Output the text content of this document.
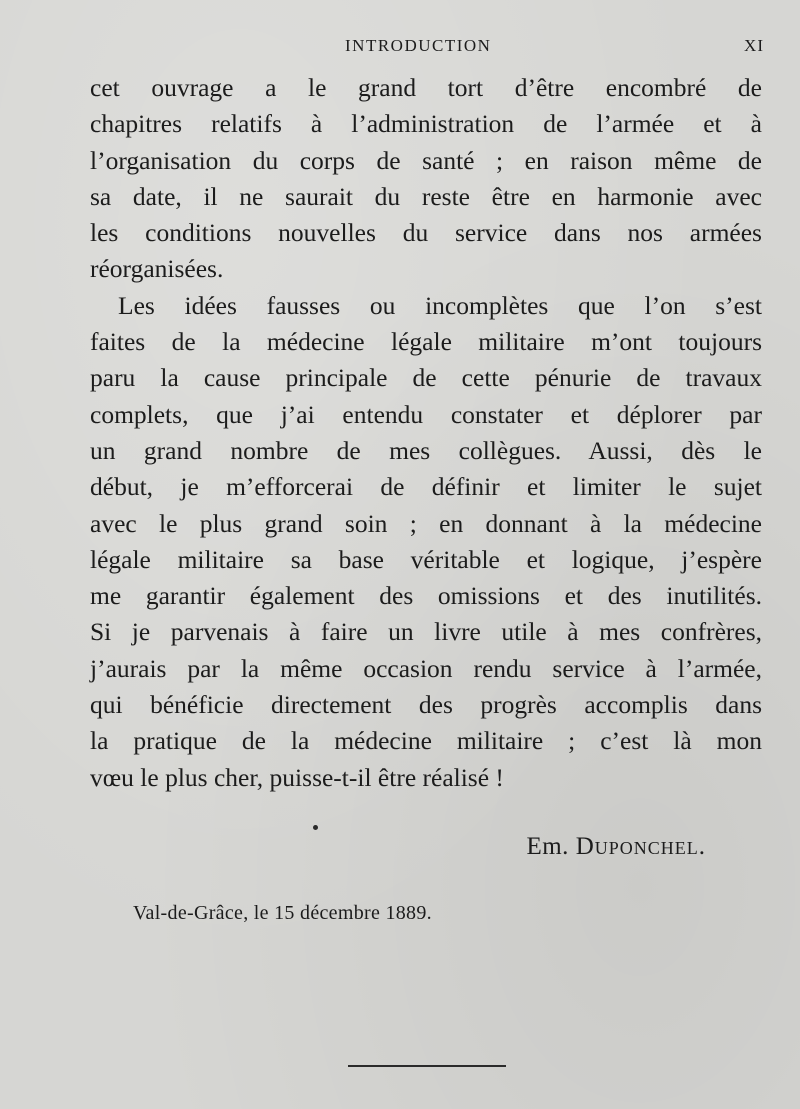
INTRODUCTION	XI
cet ouvrage a le grand tort d’être encombré de
chapitres relatifs à l’administration de l’armée et à
l’organisation du corps de santé ; en raison même de
sa date, il ne saurait du reste être en harmonie avec
les conditions nouvelles du service dans nos armées
réorganisées.
Les idées fausses ou incomplètes que l’on s’est
faites de la médecine légale militaire m’ont toujours
paru la cause principale de cette pénurie de travaux
complets, que j’ai entendu constater et déplorer par
un grand nombre de mes collègues. Aussi, dès le
début, je m’efforcerai de définir et limiter le sujet
avec le plus grand soin ; en donnant à la médecine
légale militaire sa base véritable et logique, j’espère
me garantir également des omissions et des inutilités.
Si je parvenais à faire un livre utile à mes confrères,
j’aurais par la même occasion rendu service à l’armée,
qui bénéficie directement des progrès accomplis dans
la pratique de la médecine militaire ; c’est là mon
vœu le plus cher, puisse-t-il être réalisé !
Em. Duponchel.
Val-de-Grâce, le 15 décembre 1889.
